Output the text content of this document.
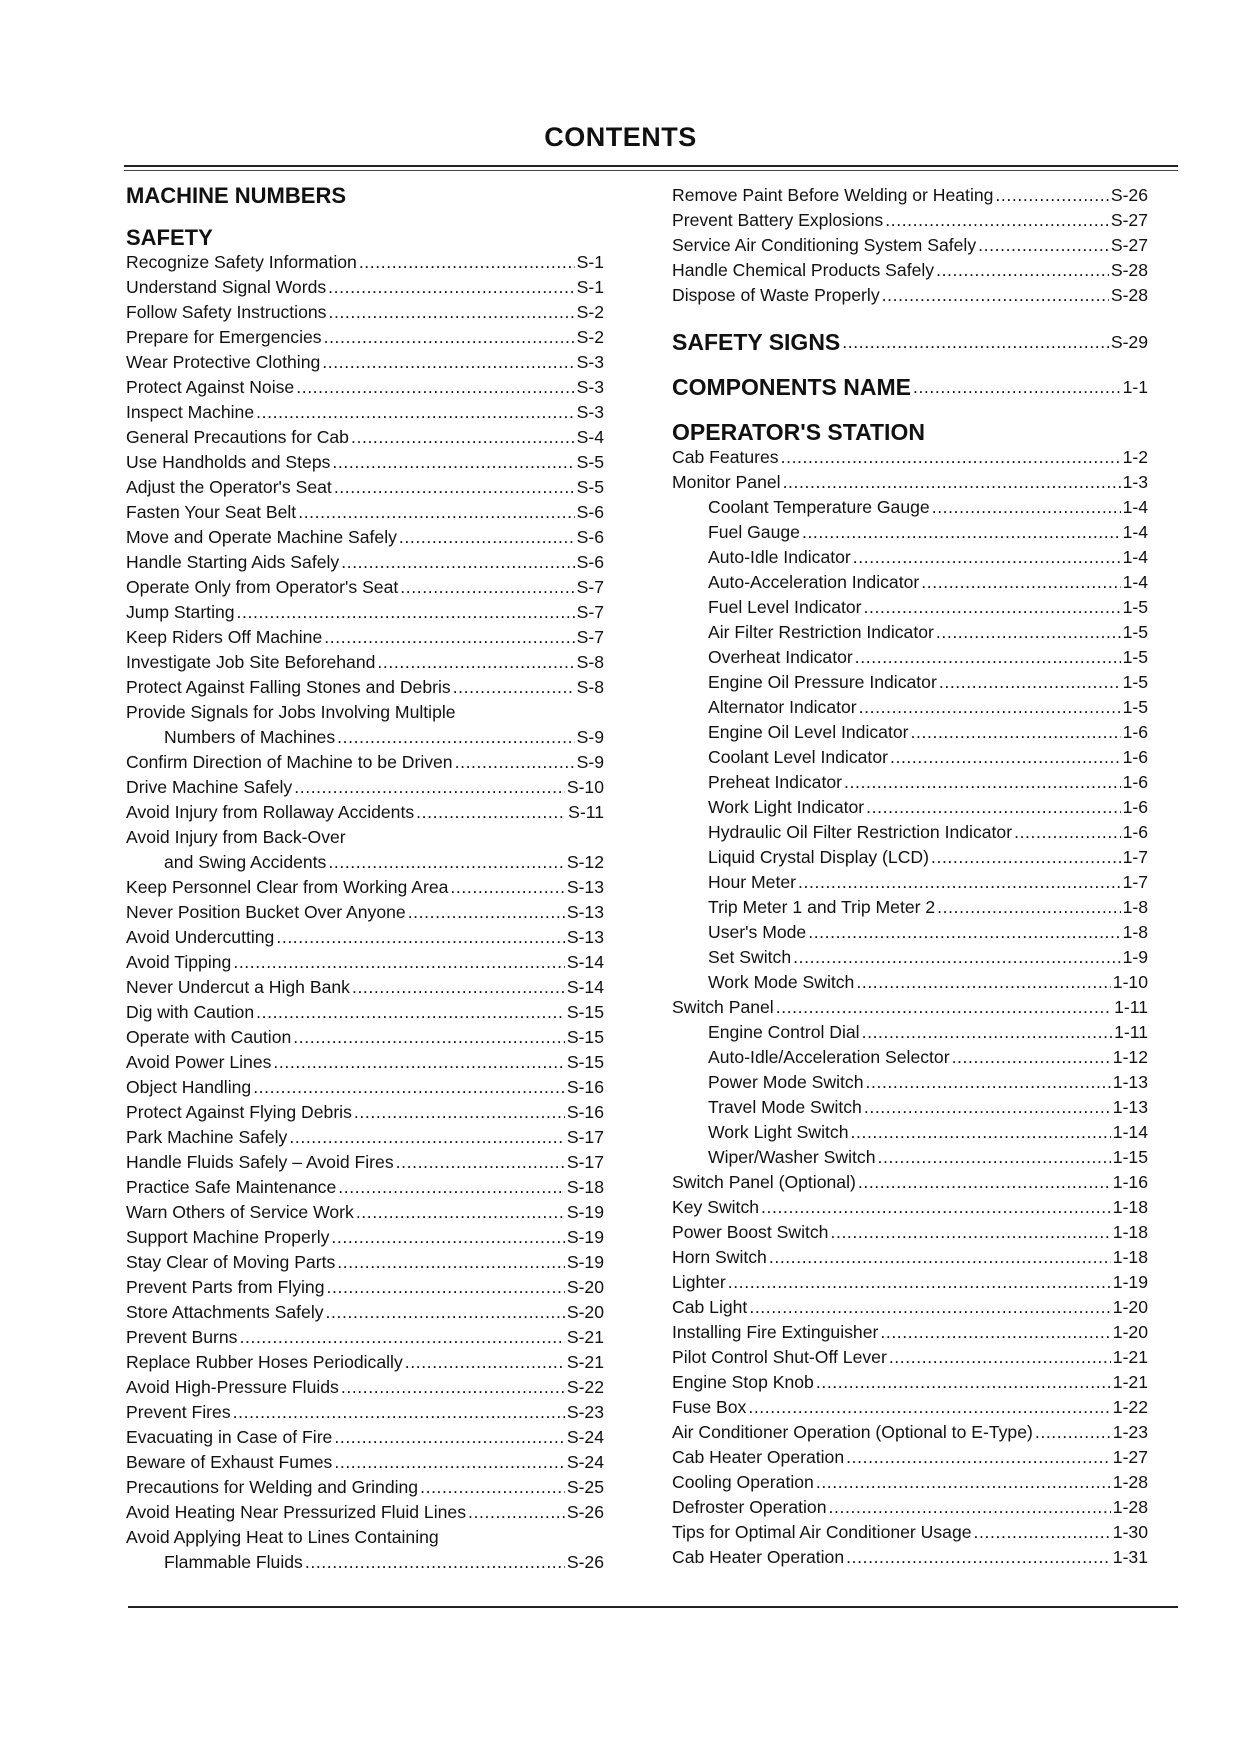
CONTENTS
MACHINE NUMBERS
SAFETY
Recognize Safety Information .....	S-1
Understand Signal Words .....	S-1
Follow Safety Instructions .....	S-2
Prepare for Emergencies .....	S-2
Wear Protective Clothing .....	S-3
Protect Against Noise .....	S-3
Inspect Machine .....	S-3
General Precautions for Cab .....	S-4
Use Handholds and Steps .....	S-5
Adjust the Operator's Seat .....	S-5
Fasten Your Seat Belt .....	S-6
Move and Operate Machine Safely .....	S-6
Handle Starting Aids Safely .....	S-6
Operate Only from Operator's Seat .....	S-7
Jump Starting .....	S-7
Keep Riders Off Machine .....	S-7
Investigate Job Site Beforehand .....	S-8
Protect Against Falling Stones and Debris .....	S-8
Provide Signals for Jobs Involving Multiple
Numbers of Machines .....	S-9
Confirm Direction of Machine to be Driven .....	S-9
Drive Machine Safely .....	S-10
Avoid Injury from Rollaway Accidents .....	S-11
Avoid Injury from Back-Over
and Swing Accidents .....	S-12
Keep Personnel Clear from Working Area .....	S-13
Never Position Bucket Over Anyone .....	S-13
Avoid Undercutting .....	S-13
Avoid Tipping .....	S-14
Never Undercut a High Bank .....	S-14
Dig with Caution .....	S-15
Operate with Caution .....	S-15
Avoid Power Lines .....	S-15
Object Handling .....	S-16
Protect Against Flying Debris .....	S-16
Park Machine Safely .....	S-17
Handle Fluids Safely – Avoid Fires .....	S-17
Practice Safe Maintenance .....	S-18
Warn Others of Service Work .....	S-19
Support Machine Properly .....	S-19
Stay Clear of Moving Parts .....	S-19
Prevent Parts from Flying .....	S-20
Store Attachments Safely .....	S-20
Prevent Burns .....	S-21
Replace Rubber Hoses Periodically .....	S-21
Avoid High-Pressure Fluids .....	S-22
Prevent Fires .....	S-23
Evacuating in Case of Fire .....	S-24
Beware of Exhaust Fumes .....	S-24
Precautions for Welding and Grinding .....	S-25
Avoid Heating Near Pressurized Fluid Lines .....	S-26
Avoid Applying Heat to Lines Containing
Flammable Fluids .....	S-26
Remove Paint Before Welding or Heating .....	S-26
Prevent Battery Explosions .....	S-27
Service Air Conditioning System Safely .....	S-27
Handle Chemical Products Safely .....	S-28
Dispose of Waste Properly .....	S-28
SAFETY SIGNS .....	S-29
COMPONENTS NAME .....	1-1
OPERATOR'S STATION
Cab Features .....	1-2
Monitor Panel .....	1-3
Coolant Temperature Gauge .....	1-4
Fuel Gauge .....	1-4
Auto-Idle Indicator .....	1-4
Auto-Acceleration Indicator .....	1-4
Fuel Level Indicator .....	1-5
Air Filter Restriction Indicator .....	1-5
Overheat Indicator .....	1-5
Engine Oil Pressure Indicator .....	1-5
Alternator Indicator .....	1-5
Engine Oil Level Indicator .....	1-6
Coolant Level Indicator .....	1-6
Preheat Indicator .....	1-6
Work Light Indicator .....	1-6
Hydraulic Oil Filter Restriction Indicator .....	1-6
Liquid Crystal Display (LCD) .....	1-7
Hour Meter .....	1-7
Trip Meter 1 and Trip Meter 2 .....	1-8
User's Mode .....	1-8
Set Switch .....	1-9
Work Mode Switch .....	1-10
Switch Panel .....	1-11
Engine Control Dial .....	1-11
Auto-Idle/Acceleration Selector .....	1-12
Power Mode Switch .....	1-13
Travel Mode Switch .....	1-13
Work Light Switch .....	1-14
Wiper/Washer Switch .....	1-15
Switch Panel (Optional) .....	1-16
Key Switch .....	1-18
Power Boost Switch .....	1-18
Horn Switch .....	1-18
Lighter .....	1-19
Cab Light .....	1-20
Installing Fire Extinguisher .....	1-20
Pilot Control Shut-Off Lever .....	1-21
Engine Stop Knob .....	1-21
Fuse Box .....	1-22
Air Conditioner Operation (Optional to E-Type) .....	1-23
Cab Heater Operation .....	1-27
Cooling Operation .....	1-28
Defroster Operation .....	1-28
Tips for Optimal Air Conditioner Usage .....	1-30
Cab Heater Operation .....	1-31
